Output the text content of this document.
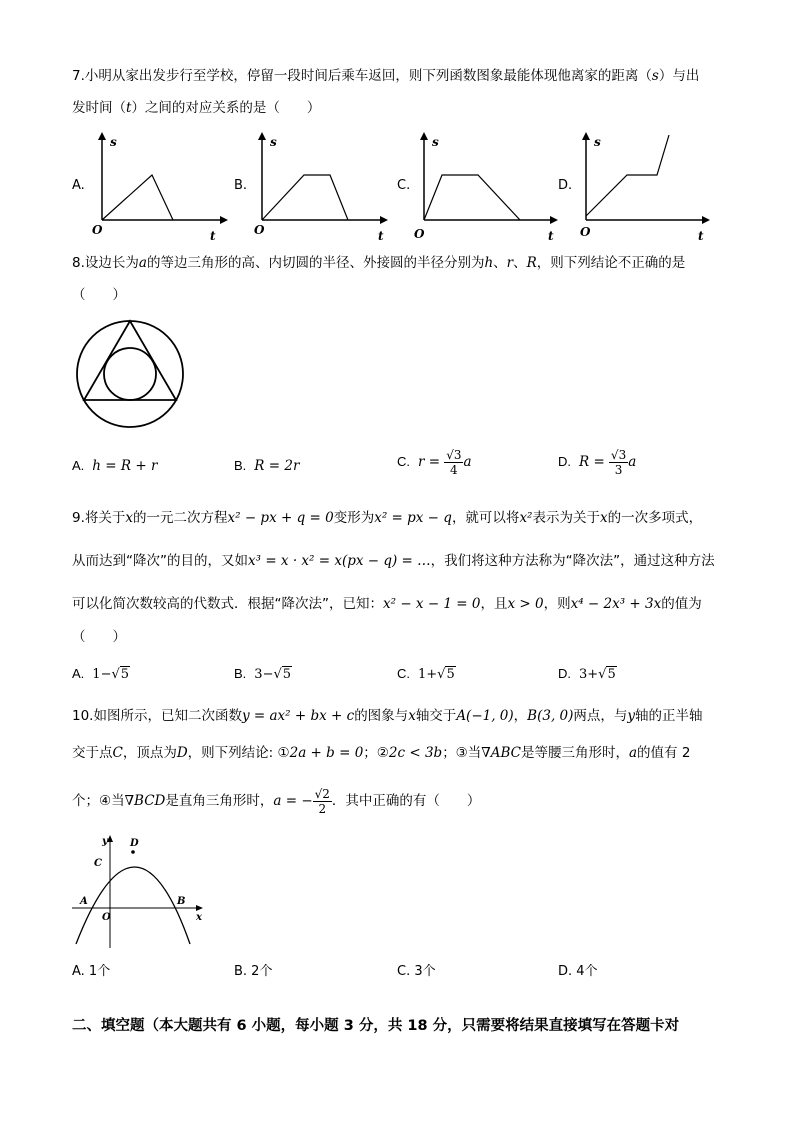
7.小明从家出发步行至学校，停留一段时间后乘车返回，则下列函数图象最能体现他离家的距离（s）与出
发时间（t）之间的对应关系的是（　　）
A.
s
t
O
B.
s
t
O
C.
s
t
O
D.
s
t
O
8.设边长为a的等边三角形的高、内切圆的半径、外接圆的半径分别为h、r、R，则下列结论不正确的是
（　　）
A. h = R + r	B. R = 2r	C. $r = \frac{√3}{4}$ a	D. $R = \frac{√3}{3}$ a
9.将关于x的一元二次方程x² − px + q = 0变形为x² = px − q，就可以将x²表示为关于x的一次多项式，
从而达到“降次”的目的，又如x³ = x · x² = x(px − q) = …，我们将这种方法称为“降次法”，通过这种方法
可以化简次数较高的代数式．根据“降次法”，已知：x² − x − 1 = 0，且x > 0，则x⁴ − 2x³ + 3x的值为
（　　）
A. 1−√5	B. 3−√5	C. 1+√5	D. 3+√5
10.如图所示，已知二次函数y = ax² + bx + c的图象与x轴交于A(−1, 0)，B(3, 0)两点，与y轴的正半轴
交于点C，顶点为D，则下列结论: ①2a + b = 0；②2c < 3b；③当∇ABC是等腰三角形时，a的值有 2
个；④当∇BCD是直角三角形时，a = − $\frac{√2}{2}$ ．其中正确的有（　　）
y D
C
A
O
B
x
A. 1个	B. 2个	C. 3个	D. 4个
二、填空题（本大题共有 6 小题，每小题 3 分，共 18 分，只需要将结果直接填写在答题卡对
